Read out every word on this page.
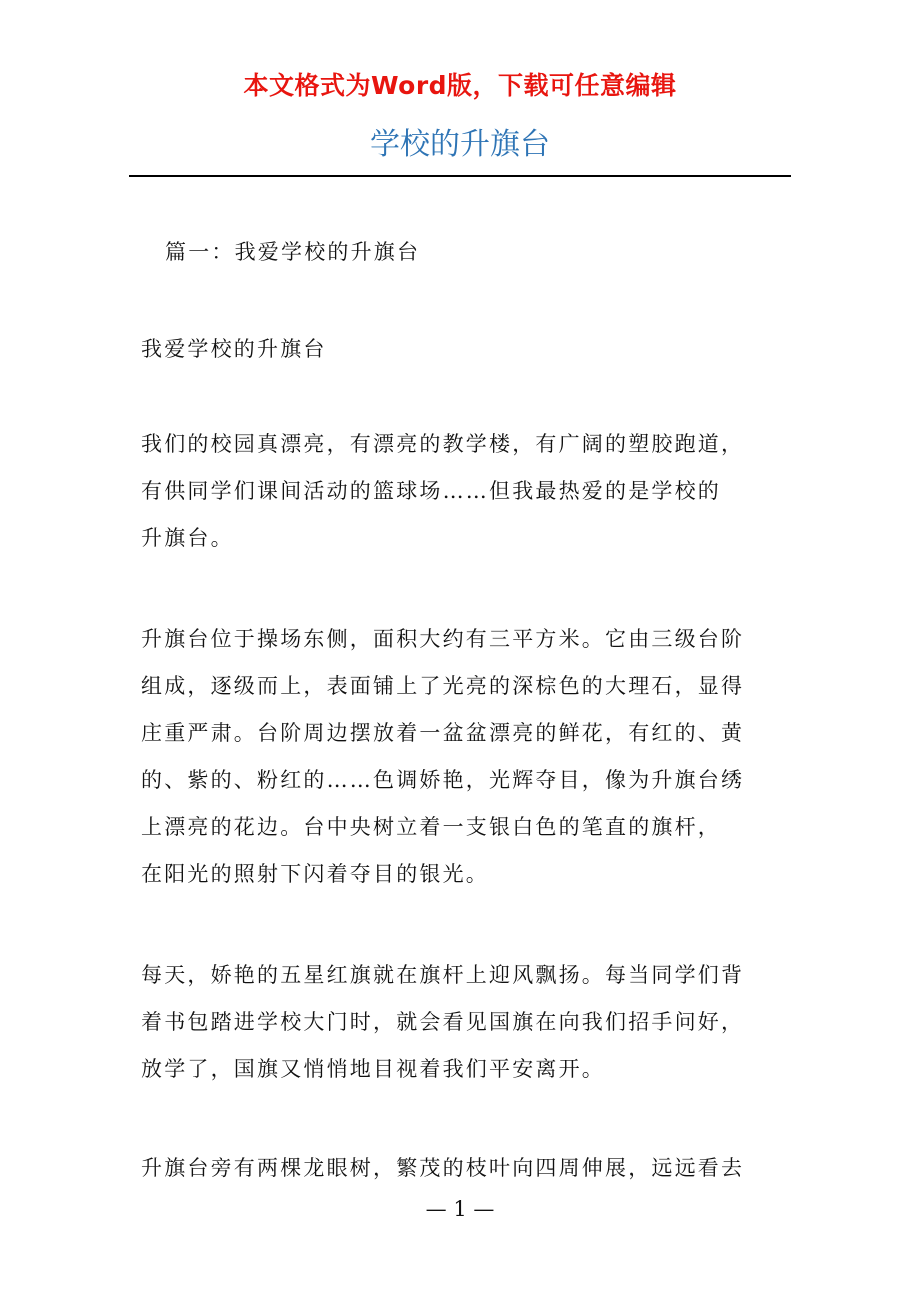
本文格式为Word版，下载可任意编辑
学校的升旗台
篇一：我爱学校的升旗台
我爱学校的升旗台
我们的校园真漂亮，有漂亮的教学楼，有广阔的塑胶跑道，
有供同学们课间活动的篮球场……但我最热爱的是学校的
升旗台。
升旗台位于操场东侧，面积大约有三平方米。它由三级台阶
组成，逐级而上，表面铺上了光亮的深棕色的大理石，显得
庄重严肃。台阶周边摆放着一盆盆漂亮的鲜花，有红的、黄
的、紫的、粉红的……色调娇艳，光辉夺目，像为升旗台绣
上漂亮的花边。台中央树立着一支银白色的笔直的旗杆，
在阳光的照射下闪着夺目的银光。
每天，娇艳的五星红旗就在旗杆上迎风飘扬。每当同学们背
着书包踏进学校大门时，就会看见国旗在向我们招手问好，
放学了，国旗又悄悄地目视着我们平安离开。
升旗台旁有两棵龙眼树，繁茂的枝叶向四周伸展，远远看去
— 1 —
